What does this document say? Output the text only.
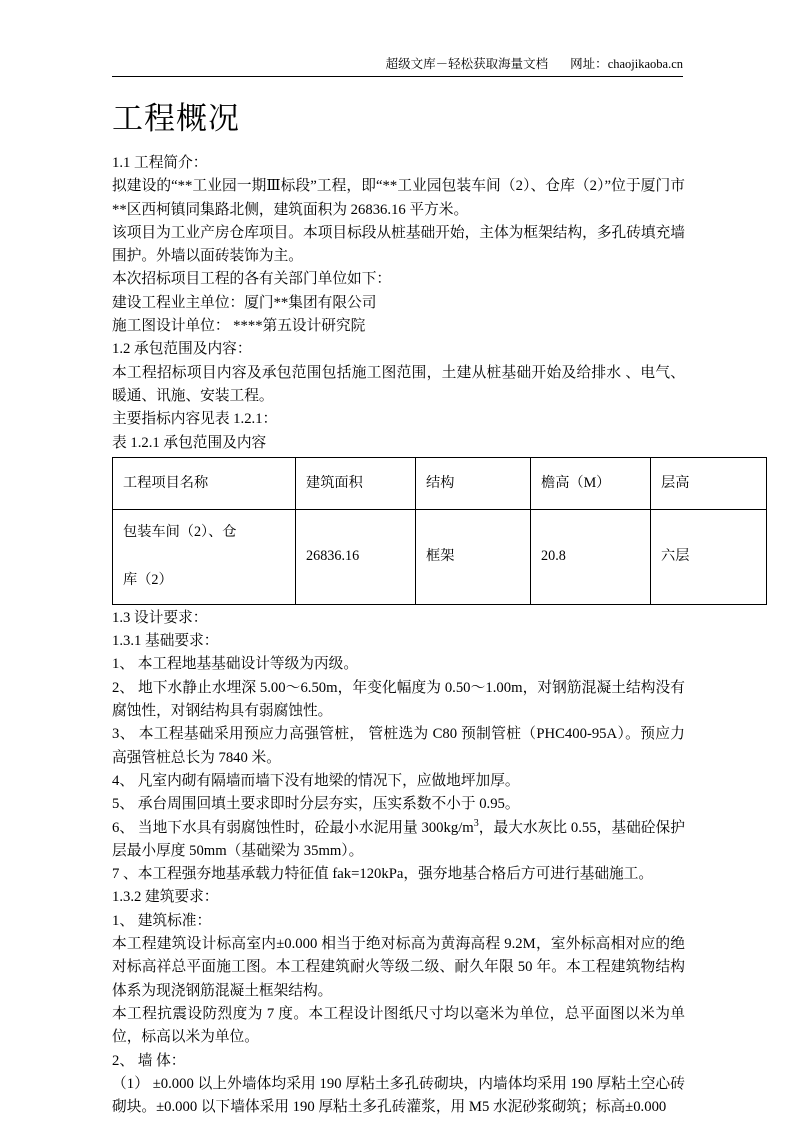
超级文库－轻松获取海量文档 网址：chaojikaoba.cn
工程概况

1.1 工程简介：

拟建设的“**工业园一期Ⅲ标段”工程，即“**工业园包装车间（2）、仓库（2）”位于厦门市**区西柯镇同集路北侧，建筑面积为 26836.16 平方米。

该项目为工业产房仓库项目。本项目标段从桩基础开始，主体为框架结构，多孔砖填充墙围护。外墙以面砖装饰为主。

本次招标项目工程的各有关部门单位如下：

建设工程业主单位：厦门**集团有限公司

施工图设计单位： ****第五设计研究院

1.2 承包范围及内容：

本工程招标项目内容及承包范围包括施工图范围，土建从桩基础开始及给排水 、电气、暖通、讯施、安装工程。

主要指标内容见表 1.2.1：

表 1.2.1 承包范围及内容

工程项目名称	建筑面积	结构	檐高（M）	层高

包装车间（2）、仓
库（2）	26836.16	框架	20.8	六层

1.3 设计要求：

1.3.1 基础要求：

1、 本工程地基基础设计等级为丙级。

2、 地下水静止水埋深 5.00～6.50m，年变化幅度为 0.50～1.00m，对钢筋混凝土结构没有腐蚀性，对钢结构具有弱腐蚀性。

3、 本工程基础采用预应力高强管桩， 管桩选为 C80 预制管桩（PHC400-95A）。预应力高强管桩总长为 7840 米。

4、 凡室内砌有隔墙而墙下没有地梁的情况下，应做地坪加厚。

5、 承台周围回填土要求即时分层夯实，压实系数不小于 0.95。

6、 当地下水具有弱腐蚀性时，砼最小水泥用量 $300kg/m^3$，最大水灰比 0.55，基础砼保护层最小厚度 50mm（基础梁为 35mm）。

7 、本工程强夯地基承载力特征值 fak=120kPa，强夯地基合格后方可进行基础施工。

1.3.2 建筑要求：

1、 建筑标准：

本工程建筑设计标高室内±0.000 相当于绝对标高为黄海高程 9.2M，室外标高相对应的绝对标高祥总平面施工图。本工程建筑耐火等级二级、耐久年限 50 年。本工程建筑物结构体系为现浇钢筋混凝土框架结构。

本工程抗震设防烈度为 7 度。本工程设计图纸尺寸均以毫米为单位，总平面图以米为单位，标高以米为单位。

2、 墙 体：

（1） ±0.000 以上外墙体均采用 190 厚粘土多孔砖砌块，内墙体均采用 190 厚粘土空心砖砌块。±0.000 以下墙体采用 190 厚粘土多孔砖灌浆，用 M5 水泥砂浆砌筑；标高±0.000
